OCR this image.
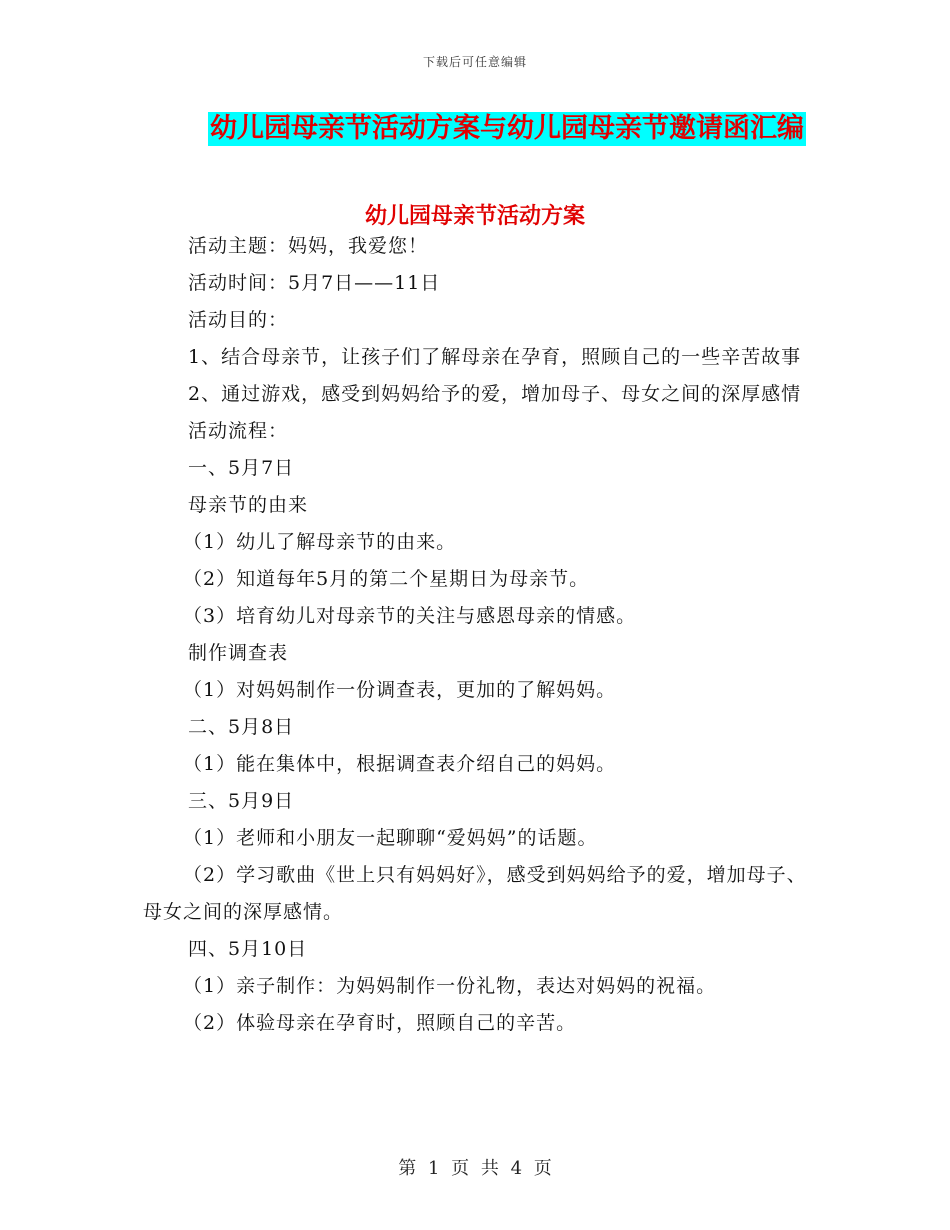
下载后可任意编辑
幼儿园母亲节活动方案与幼儿园母亲节邀请函汇编
幼儿园母亲节活动方案

活动主题：妈妈，我爱您！

活动时间：5月7日——11日

活动目的：

1、结合母亲节，让孩子们了解母亲在孕育，照顾自己的一些辛苦故事

2、通过游戏，感受到妈妈给予的爱，增加母子、母女之间的深厚感情

活动流程：

一、5月7日

母亲节的由来

（1）幼儿了解母亲节的由来。

（2）知道每年5月的第二个星期日为母亲节。

（3）培育幼儿对母亲节的关注与感恩母亲的情感。

制作调查表

（1）对妈妈制作一份调查表，更加的了解妈妈。

二、5月8日

（1）能在集体中，根据调查表介绍自己的妈妈。

三、5月9日

（1）老师和小朋友一起聊聊“爱妈妈”的话题。

（2）学习歌曲《世上只有妈妈好》，感受到妈妈给予的爱，增加母子、母女之间的深厚感情。

四、5月10日

（1）亲子制作：为妈妈制作一份礼物，表达对妈妈的祝福。

（2）体验母亲在孕育时，照顾自己的辛苦。

第 1 页 共 4 页
